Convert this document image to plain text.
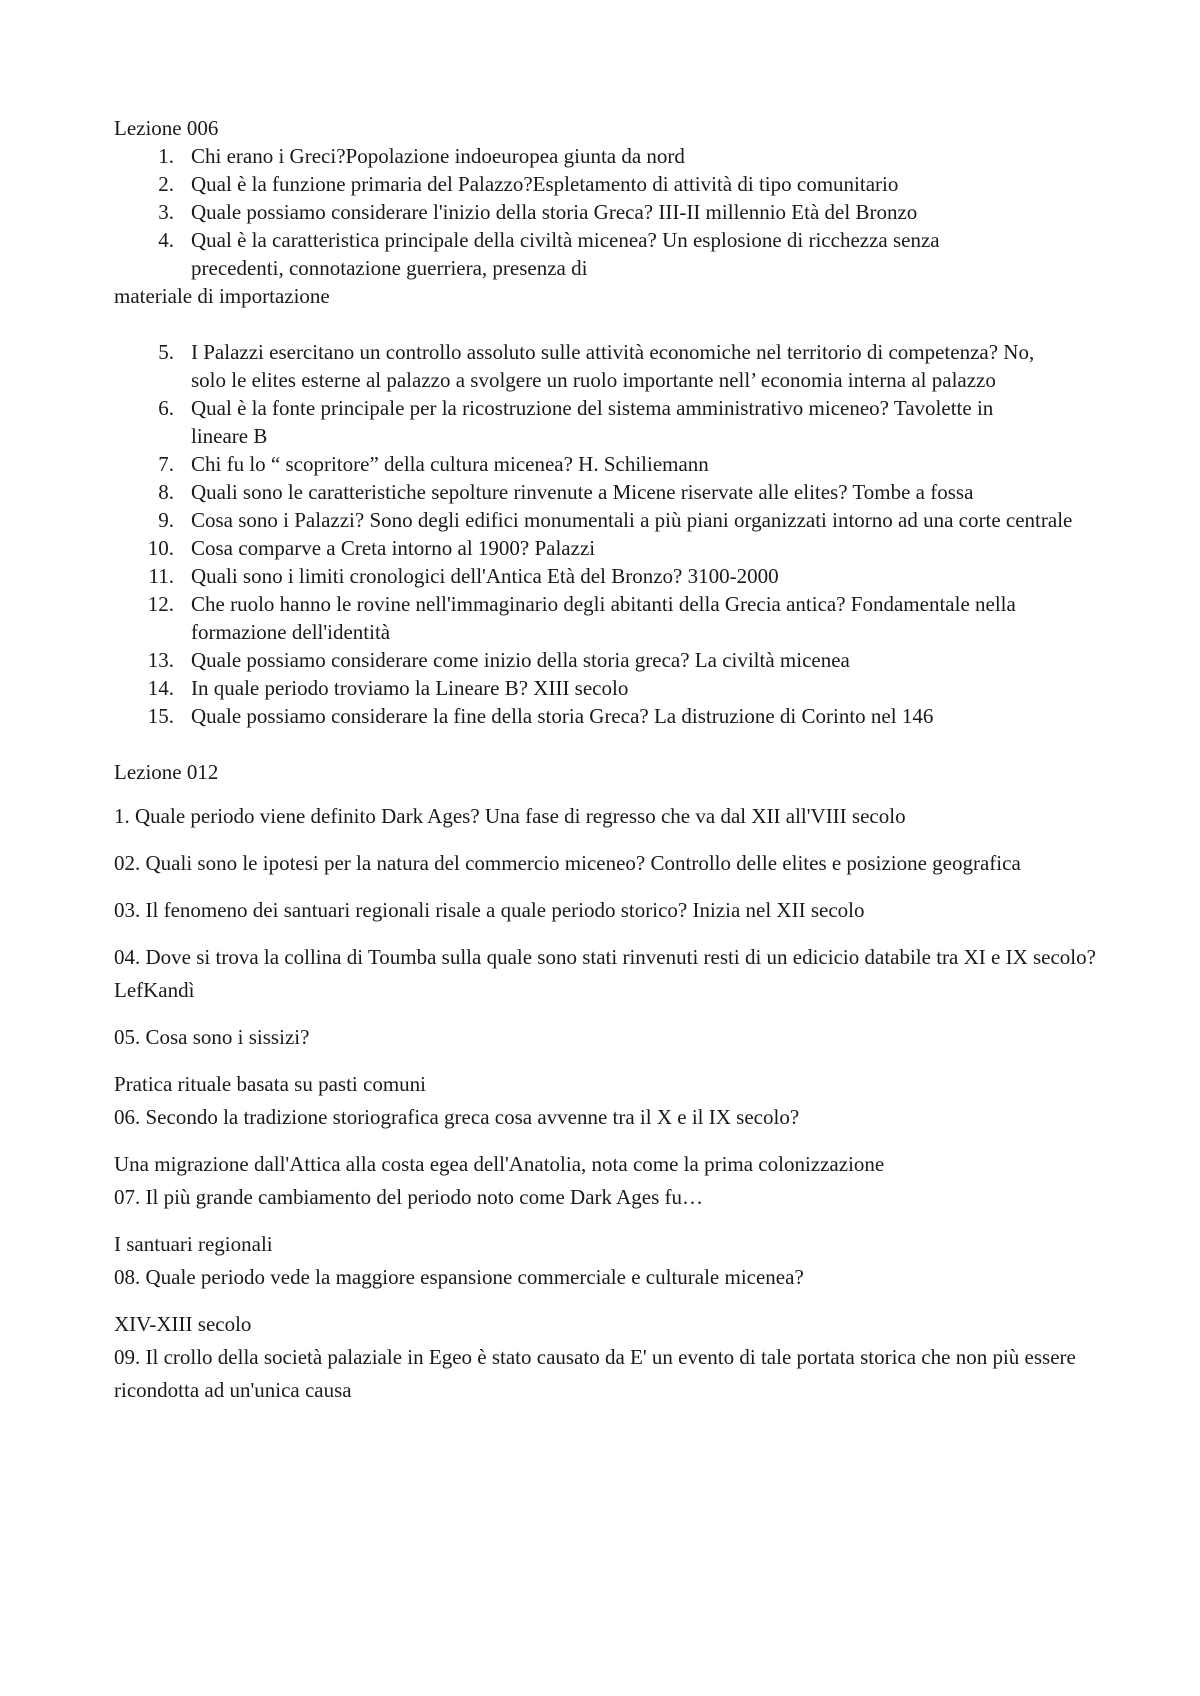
Lezione 006

1. Chi erano i Greci?Popolazione indoeuropea giunta da nord
2. Qual è la funzione primaria del Palazzo?Espletamento di attività di tipo comunitario
3. Quale possiamo considerare l'inizio della storia Greca? III-II millennio Età del Bronzo
4. Qual è la caratteristica principale della civiltà micenea? Un esplosione di ricchezza senza precedenti, connotazione guerriera, presenza di

materiale di importazione

5. I Palazzi esercitano un controllo assoluto sulle attività economiche nel territorio di competenza? No, solo le elites esterne al palazzo a svolgere un ruolo importante nell’ economia interna al palazzo
6. Qual è la fonte principale per la ricostruzione del sistema amministrativo miceneo? Tavolette in lineare B
7. Chi fu lo “ scopritore” della cultura micenea? H. Schiliemann
8. Quali sono le caratteristiche sepolture rinvenute a Micene riservate alle elites? Tombe a fossa
9. Cosa sono i Palazzi? Sono degli edifici monumentali a più piani organizzati intorno ad una corte centrale
10. Cosa comparve a Creta intorno al 1900? Palazzi
11. Quali sono i limiti cronologici dell'Antica Età del Bronzo? 3100-2000
12. Che ruolo hanno le rovine nell'immaginario degli abitanti della Grecia antica? Fondamentale nella formazione dell'identità
13. Quale possiamo considerare come inizio della storia greca? La civiltà micenea
14. In quale periodo troviamo la Lineare B? XIII secolo
15. Quale possiamo considerare la fine della storia Greca? La distruzione di Corinto nel 146

Lezione 012

1. Quale periodo viene definito Dark Ages? Una fase di regresso che va dal XII all'VIII secolo

02. Quali sono le ipotesi per la natura del commercio miceneo? Controllo delle elites e posizione geografica

03. Il fenomeno dei santuari regionali risale a quale periodo storico? Inizia nel XII secolo

04. Dove si trova la collina di Toumba sulla quale sono stati rinvenuti resti di un edicicio databile tra XI e IX secolo? LefKandì

05. Cosa sono i sissizi?

Pratica rituale basata su pasti comuni

06. Secondo la tradizione storiografica greca cosa avvenne tra il X e il IX secolo?

Una migrazione dall'Attica alla costa egea dell'Anatolia, nota come la prima colonizzazione

07. Il più grande cambiamento del periodo noto come Dark Ages fu…

I santuari regionali

08. Quale periodo vede la maggiore espansione commerciale e culturale micenea?

XIV-XIII secolo

09. Il crollo della società palaziale in Egeo è stato causato da E' un evento di tale portata storica che non più essere ricondotta ad un'unica causa
